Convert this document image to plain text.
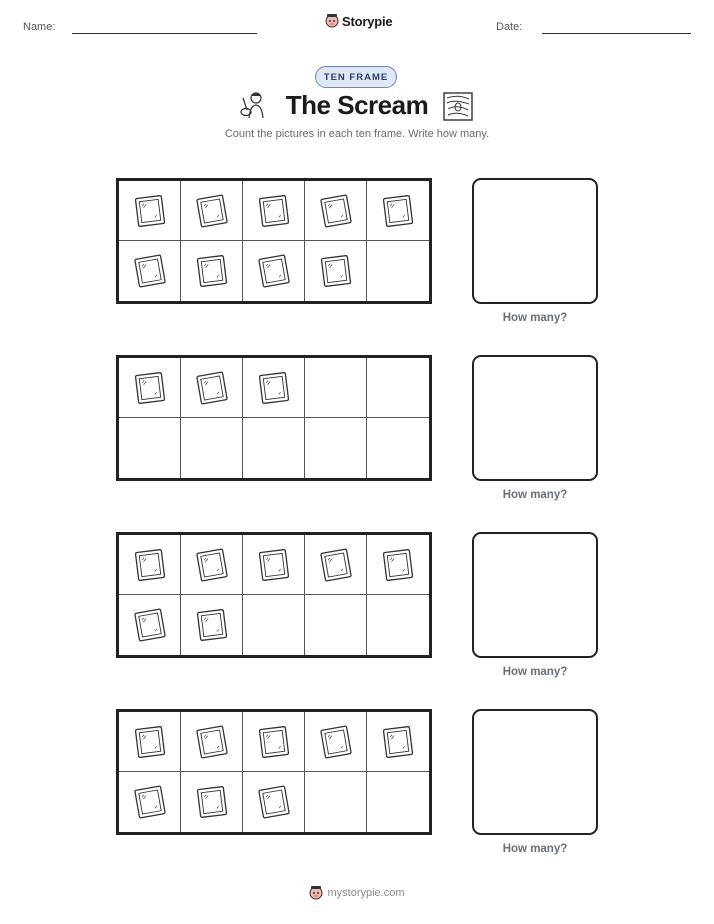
Name:	Storypie	Date:
TEN FRAME
The Scream
Count the pictures in each ten frame. Write how many.
How many?
How many?
How many?
How many?
mystorypie.com
